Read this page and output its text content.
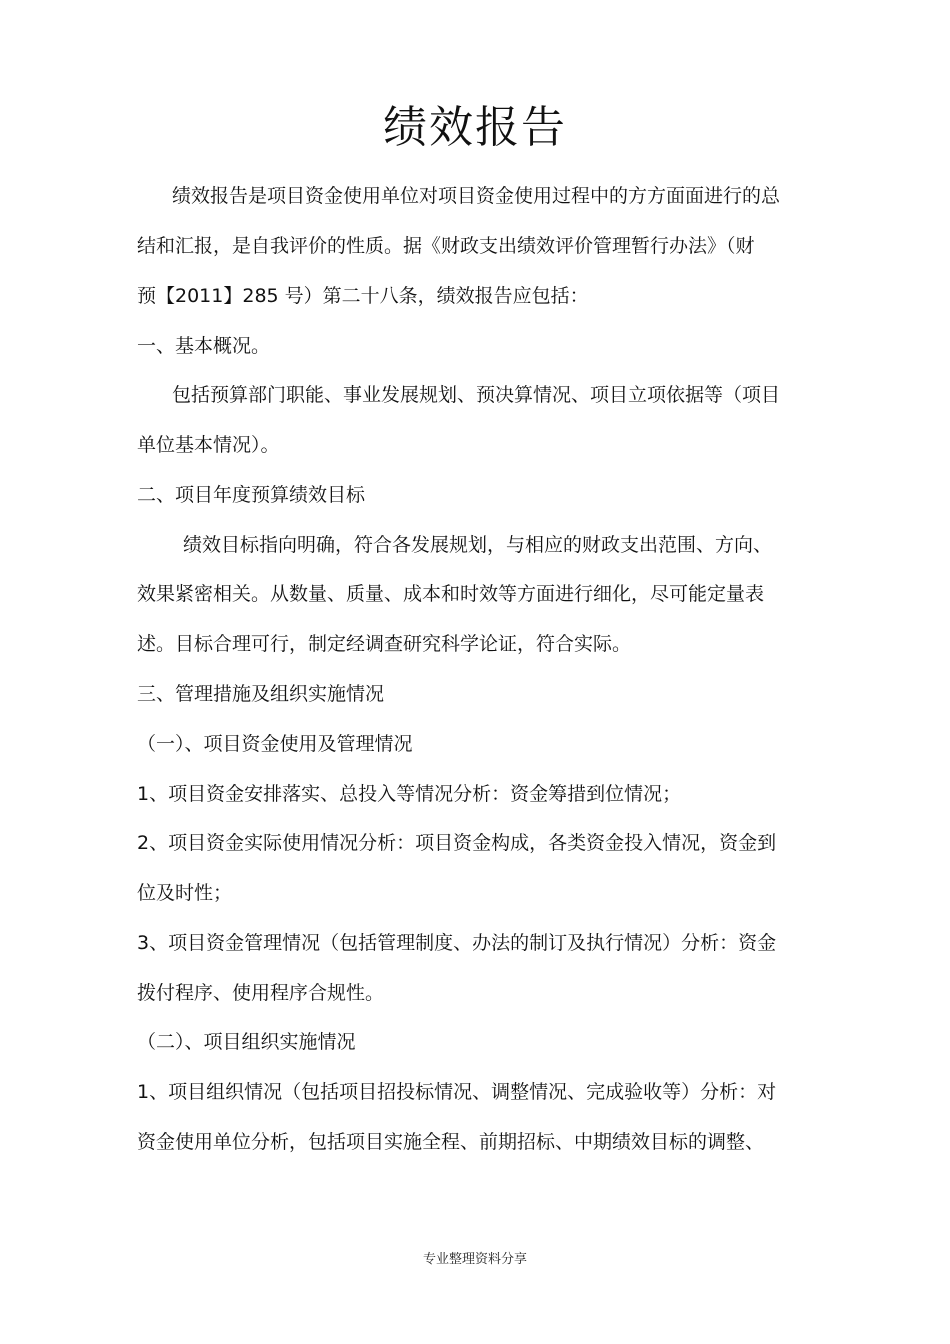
绩效报告

绩效报告是项目资金使用单位对项目资金使用过程中的方方面面进行的总

结和汇报，是自我评价的性质。据《财政支出绩效评价管理暂行办法》（财

预【2011】285 号）第二十八条，绩效报告应包括：

一、基本概况。

包括预算部门职能、事业发展规划、预决算情况、项目立项依据等（项目

单位基本情况）。

二、项目年度预算绩效目标

绩效目标指向明确，符合各发展规划，与相应的财政支出范围、方向、

效果紧密相关。从数量、质量、成本和时效等方面进行细化，尽可能定量表

述。目标合理可行，制定经调查研究科学论证，符合实际。

三、管理措施及组织实施情况

（一）、项目资金使用及管理情况

1、项目资金安排落实、总投入等情况分析：资金筹措到位情况；

2、项目资金实际使用情况分析：项目资金构成，各类资金投入情况，资金到

位及时性；

3、项目资金管理情况（包括管理制度、办法的制订及执行情况）分析：资金

拨付程序、使用程序合规性。

（二）、项目组织实施情况

1、项目组织情况（包括项目招投标情况、调整情况、完成验收等）分析：对

资金使用单位分析，包括项目实施全程、前期招标、中期绩效目标的调整、

专业整理资料分享
